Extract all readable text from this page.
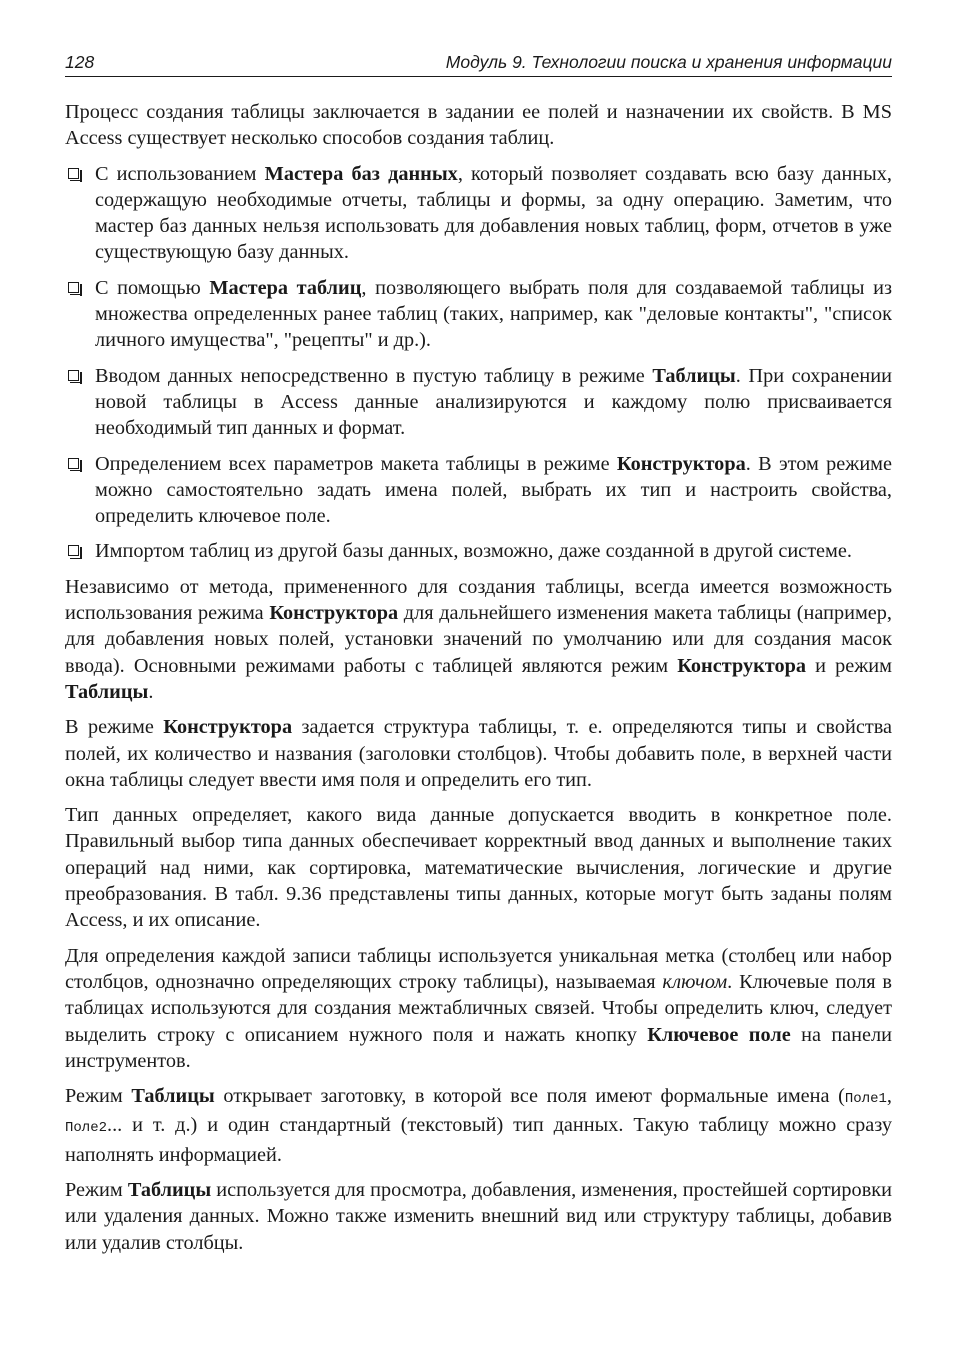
128	Модуль 9. Технологии поиска и хранения информации

Процесс создания таблицы заключается в задании ее полей и назначении их свойств. В MS Access существует несколько способов создания таблиц.

С использованием Мастера баз данных, который позволяет создавать всю базу данных, содержащую необходимые отчеты, таблицы и формы, за одну операцию. Заметим, что мастер баз данных нельзя использовать для добавления новых таблиц, форм, отчетов в уже существующую базу данных.
С помощью Мастера таблиц, позволяющего выбрать поля для создаваемой таблицы из множества определенных ранее таблиц (таких, например, как "деловые контакты", "список личного имущества", "рецепты" и др.).
Вводом данных непосредственно в пустую таблицу в режиме Таблицы. При сохранении новой таблицы в Access данные анализируются и каждому полю присваивается необходимый тип данных и формат.
Определением всех параметров макета таблицы в режиме Конструктора. В этом режиме можно самостоятельно задать имена полей, выбрать их тип и настроить свойства, определить ключевое поле.
Импортом таблиц из другой базы данных, возможно, даже созданной в другой системе.

Независимо от метода, примененного для создания таблицы, всегда имеется возможность использования режима Конструктора для дальнейшего изменения макета таблицы (например, для добавления новых полей, установки значений по умолчанию или для создания масок ввода). Основными режимами работы с таблицей являются режим Конструктора и режим Таблицы.

В режиме Конструктора задается структура таблицы, т. е. определяются типы и свойства полей, их количество и названия (заголовки столбцов). Чтобы добавить поле, в верхней части окна таблицы следует ввести имя поля и определить его тип.

Тип данных определяет, какого вида данные допускается вводить в конкретное поле. Правильный выбор типа данных обеспечивает корректный ввод данных и выполнение таких операций над ними, как сортировка, математические вычисления, логические и другие преобразования. В табл. 9.36 представлены типы данных, которые могут быть заданы полям Access, и их описание.

Для определения каждой записи таблицы используется уникальная метка (столбец или набор столбцов, однозначно определяющих строку таблицы), называемая ключом. Ключевые поля в таблицах используются для создания межтабличных связей. Чтобы определить ключ, следует выделить строку с описанием нужного поля и нажать кнопку Ключевое поле на панели инструментов.

Режим Таблицы открывает заготовку, в которой все поля имеют формальные имена (Поле1, Поле2... и т. д.) и один стандартный (текстовый) тип данных. Такую таблицу можно сразу наполнять информацией.

Режим Таблицы используется для просмотра, добавления, изменения, простейшей сортировки или удаления данных. Можно также изменить внешний вид или структуру таблицы, добавив или удалив столбцы.
